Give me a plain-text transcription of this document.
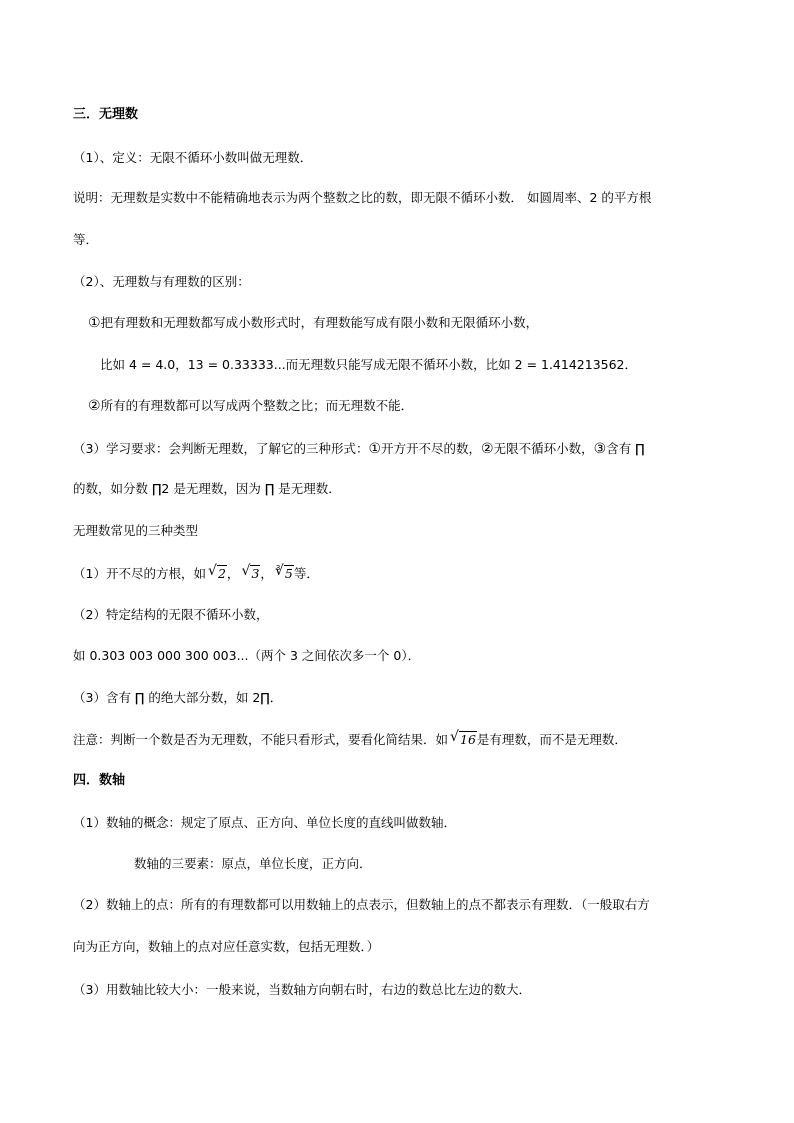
三．无理数
（1）、定义：无限不循环小数叫做无理数．
说明：无理数是实数中不能精确地表示为两个整数之比的数，即无限不循环小数． 如圆周率、2 的平方根
等．
（2）、无理数与有理数的区别：
①把有理数和无理数都写成小数形式时，有理数能写成有限小数和无限循环小数，
比如 4 = 4.0，13 = 0.33333...而无理数只能写成无限不循环小数，比如 2 = 1.414213562．
②所有的有理数都可以写成两个整数之比；而无理数不能．
（3）学习要求：会判断无理数，了解它的三种形式：①开方开不尽的数，②无限不循环小数，③含有 ∏
的数，如分数 ∏2 是无理数，因为 ∏ 是无理数．
无理数常见的三种类型
（1）开不尽的方根，如 √ 2， √ 3， √ 3 5等．
（2）特定结构的无限不循环小数，
如 0.303 003 000 300 003...（两个 3 之间依次多一个 0）．
（3）含有 ∏ 的绝大部分数，如 2∏．
注意：判断一个数是否为无理数，不能只看形式，要看化简结果．如 √ 16是有理数，而不是无理数．
四．数轴
（1）数轴的概念：规定了原点、正方向、单位长度的直线叫做数轴．
数轴的三要素：原点，单位长度，正方向．
（2）数轴上的点：所有的有理数都可以用数轴上的点表示，但数轴上的点不都表示有理数．（一般取右方
向为正方向，数轴上的点对应任意实数，包括无理数．）
（3）用数轴比较大小：一般来说，当数轴方向朝右时，右边的数总比左边的数大．
